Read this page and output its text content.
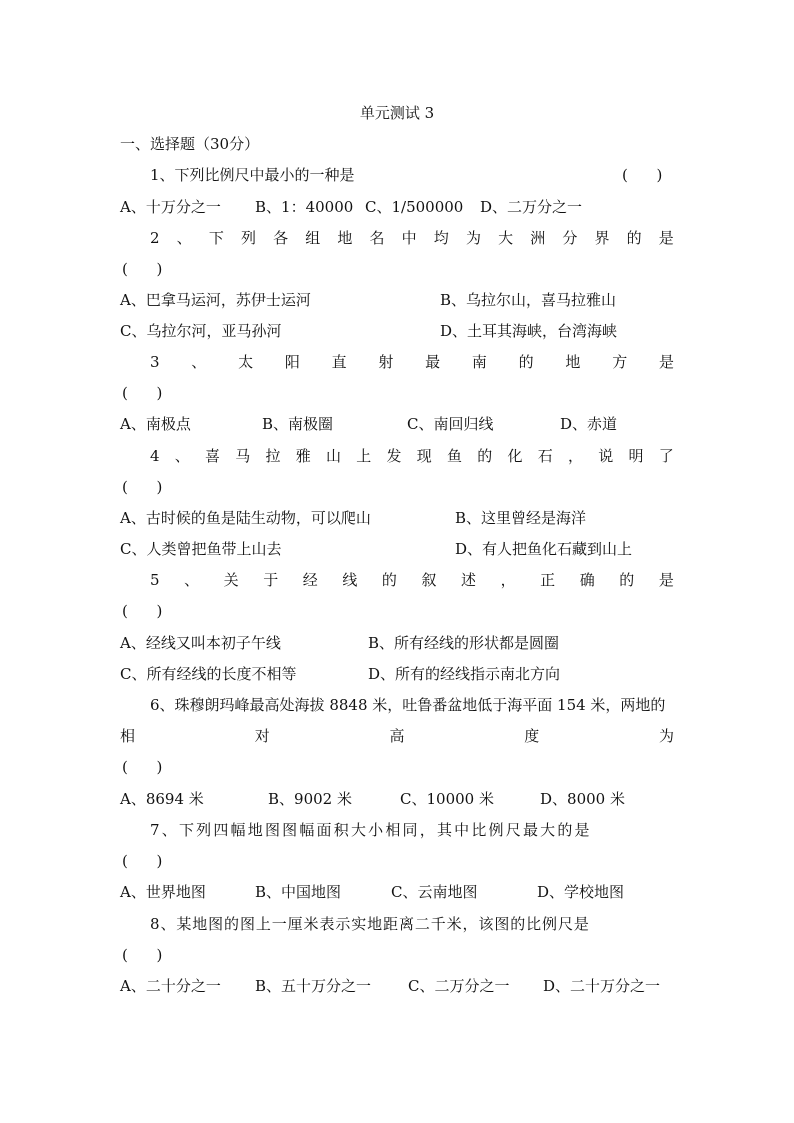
单元测试 3
一、选择题（30分）
1、下列比例尺中最小的一种是	(      )
A、十万分之一 B、1：40000 C、1/500000 D、二万分之一
2 、 下 列 各 组 地 名 中 均 为 大 洲 分 界 的 是
(      )
A、巴拿马运河，苏伊士运河	B、乌拉尔山，喜马拉雅山
C、乌拉尔河，亚马孙河	D、土耳其海峡，台湾海峡
3 、 太 阳 直 射 最 南 的 地 方 是
(      )
A、南极点	B、南极圈	C、南回归线	D、赤道
4 、 喜 马 拉 雅 山 上 发 现 鱼 的 化 石 ， 说 明 了
(      )
A、古时候的鱼是陆生动物，可以爬山	B、这里曾经是海洋
C、人类曾把鱼带上山去	D、有人把鱼化石藏到山上
5 、 关 于 经 线 的 叙 述 ， 正 确 的 是
(      )
A、经线又叫本初子午线	B、所有经线的形状都是圆圈
C、所有经线的长度不相等	D、所有的经线指示南北方向
6、珠穆朗玛峰最高处海拔 8848 米，吐鲁番盆地低于海平面 154 米，两地的
相	对	高	度	为
(      )
A、8694 米	B、9002 米	C、10000 米	D、8000 米
7、下列四幅地图图幅面积大小相同，其中比例尺最大的是
(      )
A、世界地图	B、中国地图	C、云南地图	D、学校地图
8、某地图的图上一厘米表示实地距离二千米，该图的比例尺是
(      )
A、二十分之一 B、五十万分之一 C、二万分之一 D、二十万分之一
